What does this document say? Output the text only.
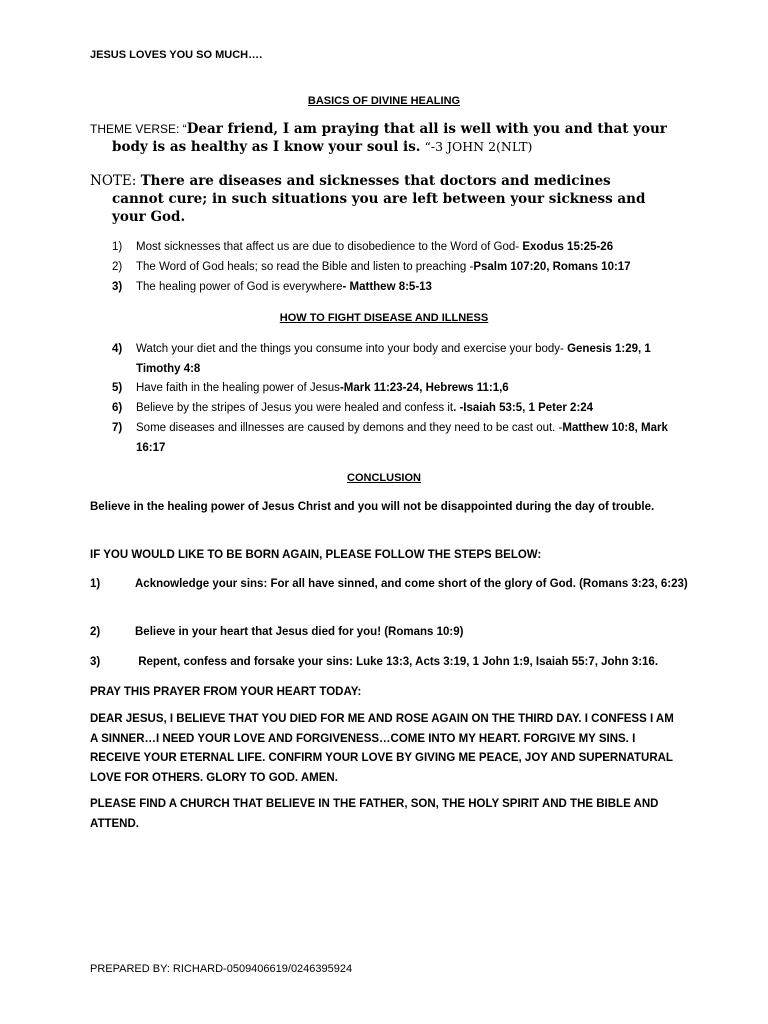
JESUS LOVES YOU SO MUCH….
BASICS OF DIVINE HEALING
THEME VERSE: “Dear friend, I am praying that all is well with you and that your
body is as healthy as I know your soul is. “-3 JOHN 2(NLT)
NOTE: There are diseases and sicknesses that doctors and medicines
cannot cure; in such situations you are left between your sickness and
your God.
1) Most sicknesses that affect us are due to disobedience to the Word of God- Exodus 15:25-26
2) The Word of God heals; so read the Bible and listen to preaching -Psalm 107:20, Romans 10:17
3) The healing power of God is everywhere- Matthew 8:5-13
HOW TO FIGHT DISEASE AND ILLNESS
4) Watch your diet and the things you consume into your body and exercise your body- Genesis 1:29, 1 Timothy 4:8
5) Have faith in the healing power of Jesus-Mark 11:23-24, Hebrews 11:1,6
6) Believe by the stripes of Jesus you were healed and confess it. -Isaiah 53:5, 1 Peter 2:24
7) Some diseases and illnesses are caused by demons and they need to be cast out. -Matthew 10:8, Mark 16:17
CONCLUSION
Believe in the healing power of Jesus Christ and you will not be disappointed during the day of trouble.
IF YOU WOULD LIKE TO BE BORN AGAIN, PLEASE FOLLOW THE STEPS BELOW:
1)	Acknowledge your sins: For all have sinned, and come short of the glory of God. (Romans 3:23, 6:23)
2)	Believe in your heart that Jesus died for you! (Romans 10:9)
3)	Repent, confess and forsake your sins: Luke 13:3, Acts 3:19, 1 John 1:9, Isaiah 55:7, John 3:16.
PRAY THIS PRAYER FROM YOUR HEART TODAY:
DEAR JESUS, I BELIEVE THAT YOU DIED FOR ME AND ROSE AGAIN ON THE THIRD DAY. I CONFESS I AM A SINNER…I NEED YOUR LOVE AND FORGIVENESS…COME INTO MY HEART. FORGIVE MY SINS. I RECEIVE YOUR ETERNAL LIFE. CONFIRM YOUR LOVE BY GIVING ME PEACE, JOY AND SUPERNATURAL LOVE FOR OTHERS. GLORY TO GOD. AMEN.
PLEASE FIND A CHURCH THAT BELIEVE IN THE FATHER, SON, THE HOLY SPIRIT AND THE BIBLE AND ATTEND.
PREPARED BY: RICHARD-0509406619/0246395924
